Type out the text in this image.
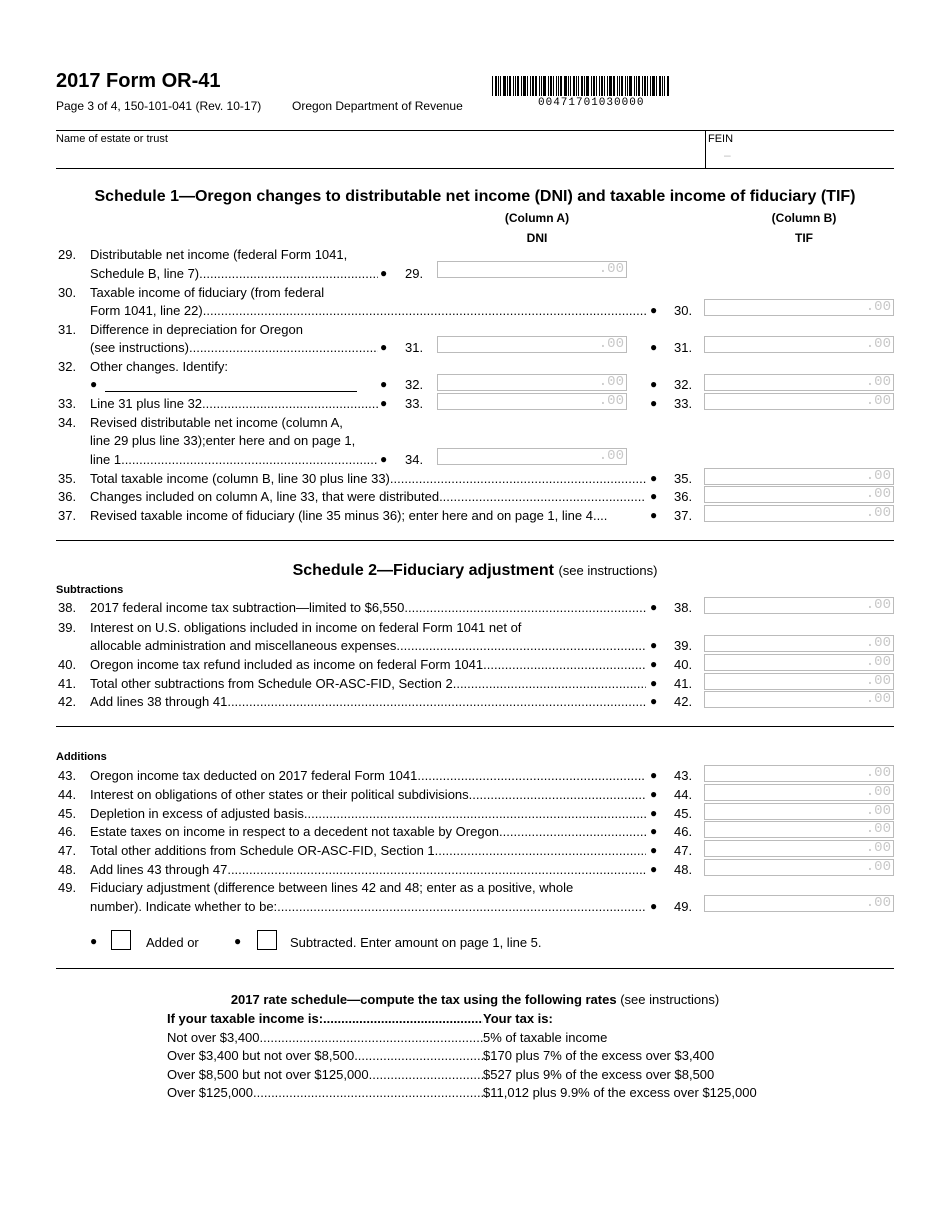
2017 Form OR-41
Page 3 of 4, 150-101-041 (Rev. 10-17)	Oregon Department of Revenue	00471701030000
Name of estate or trust	FEIN
–
Schedule 1—Oregon changes to distributable net income (DNI) and taxable income of fiduciary (TIF)
(Column A)
DNI
(Column B)
TIF
29. Distributable net income (federal Form 1041,
Schedule B, line 7) .....	● 29.	.00
30. Taxable income of fiduciary (from federal
Form 1041, line 22) .....	● 30.	.00
31. Difference in depreciation for Oregon
(see instructions) .....	● 31.	.00 ● 31.	.00
32. Other changes. Identify:
●	● 32.	.00 ● 32.	.00
33. Line 31 plus line 32 .....	● 33.	.00 ● 33.	.00
34. Revised distributable net income (column A,
line 29 plus line 33);enter here and on page 1,
line 1 .....	● 34.	.00
35. Total taxable income (column B, line 30 plus line 33) .....	● 35.	.00
36. Changes included on column A, line 33, that were distributed .....	● 36.	.00
37. Revised taxable income of fiduciary (line 35 minus 36); enter here and on page 1, line 4....	● 37.	.00
Schedule 2—Fiduciary adjustment (see instructions)
Subtractions
38. 2017 federal income tax subtraction—limited to $6,550 .....	● 38.	.00
39. Interest on U.S. obligations included in income on federal Form 1041 net of
allocable administration and miscellaneous expenses .....	● 39.	.00
40. Oregon income tax refund included as income on federal Form 1041 .....	● 40.	.00
41. Total other subtractions from Schedule OR-ASC-FID, Section 2 .....	● 41.	.00
42. Add lines 38 through 41 .....	● 42.	.00
Additions
43. Oregon income tax deducted on 2017 federal Form 1041 .....	● 43.	.00
44. Interest on obligations of other states or their political subdivisions .....	● 44.	.00
45. Depletion in excess of adjusted basis .....	● 45.	.00
46. Estate taxes on income in respect to a decedent not taxable by Oregon .....	● 46.	.00
47. Total other additions from Schedule OR-ASC-FID, Section 1 .....	● 47.	.00
48. Add lines 43 through 47 .....	● 48.	.00
49. Fiduciary adjustment (difference between lines 42 and 48; enter as a positive, whole
number). Indicate whether to be: .....	● 49.	.00
●	Added or	●	Subtracted. Enter amount on page 1, line 5.
2017 rate schedule—compute the tax using the following rates (see instructions)
If your taxable income is: .....	Your tax is:
Not over $3,400 .....	5% of taxable income
Over $3,400 but not over $8,500 .....	$170 plus 7% of the excess over $3,400
Over $8,500 but not over $125,000 .....	$527 plus 9% of the excess over $8,500
Over $125,000 .....	$11,012 plus 9.9% of the excess over $125,000
